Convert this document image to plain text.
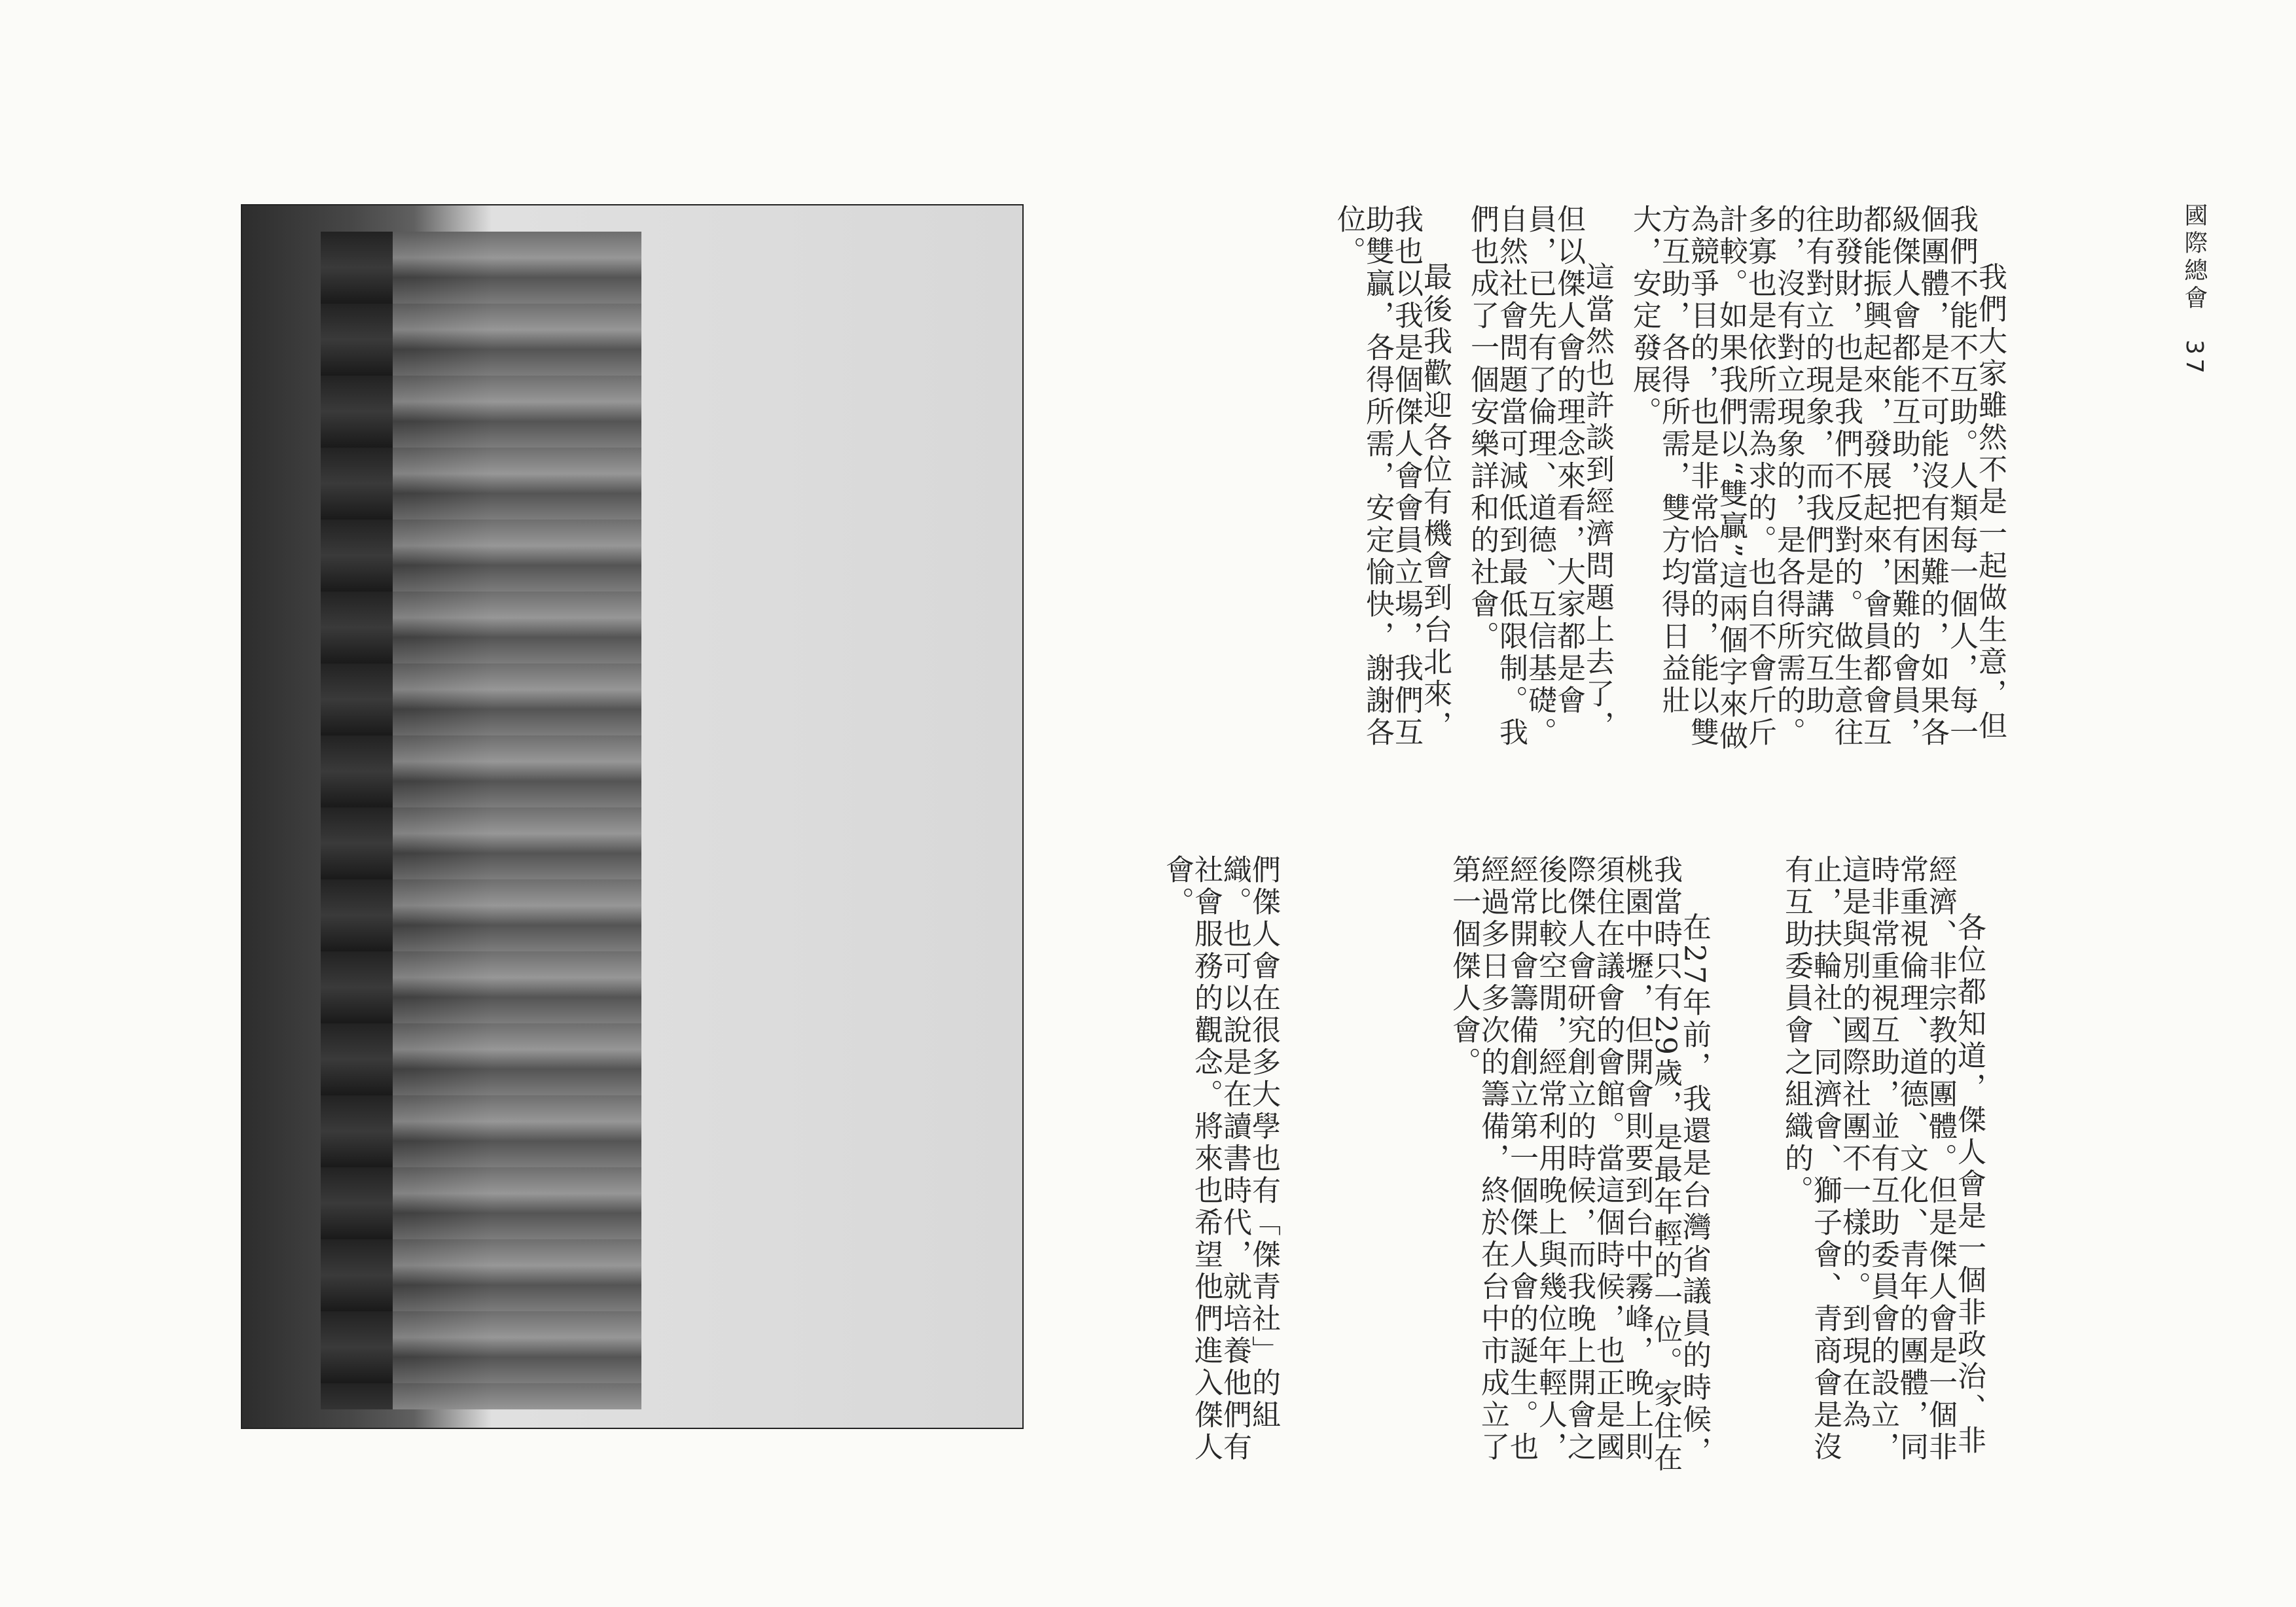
們傑人會在很多大學也有「傑青社」的組織。也可以說是在讀書時代，就培養他們有社會服務的觀念。將來也希望他們進入傑人會。

在27年前，我還是台灣省議員的時候，我當時只有29歲，是最年輕的一位。家住在桃園中壢，但開會則要到台中霧峰，晚上則須住在議會的會館。當這個時候，也正是國際傑人會研究創立的時候，而我晚上開會之後比較空閒，經常利用晚上與幾位年輕人，經常開會籌備創立第一個傑人會的誕生。也經過多日多次的籌備，終於在台中市成立了第一個傑人會。	各位都知道，傑人會是一個非政治、非經濟、非宗教的團體。但是傑人會是一個非常重視倫理、道德、文化、青年的團體，同時非常重視互助，並有互助委員會的設立，這是與別的國際社團不一樣的。到現在為止，扶輪社、同濟會、獅子會、青商會是沒有互助委員會之組織的。

我們大家雖然不是一起做生意，但我們不能不互助。人類每一個人，每一個團體，是不可能沒有困難的，如果各級傑人會都能互助，把有困難的會員，都能振興起來，發展起來，會員都會互助發財，也是我們不反對的。做生意往往有對立的現象，而我們是講究互助的，沒有對立現象的，是各得所需的。多寡也是依所需為求的。也自不會斤斤計較。如果我們以“雙贏”這兩個字來做為競爭目的，也是非常恰當的，能以雙方互助，各得所需，雙方均得日益壯大，安定發展。

這當然也許談到經濟問題上去了，但以傑人會的理念來看，大家都是會員，已先有了倫理、道德、互信基礎。自然社會問題當可減低到最低限制。我們也成了一個安樂詳和的社會。

最後我歡迎各位有機會到台北來，我也以我是個傑人會會員立場，我們互助雙贏，各得所需，安定愉快，謝謝各位。	國際總會 37
